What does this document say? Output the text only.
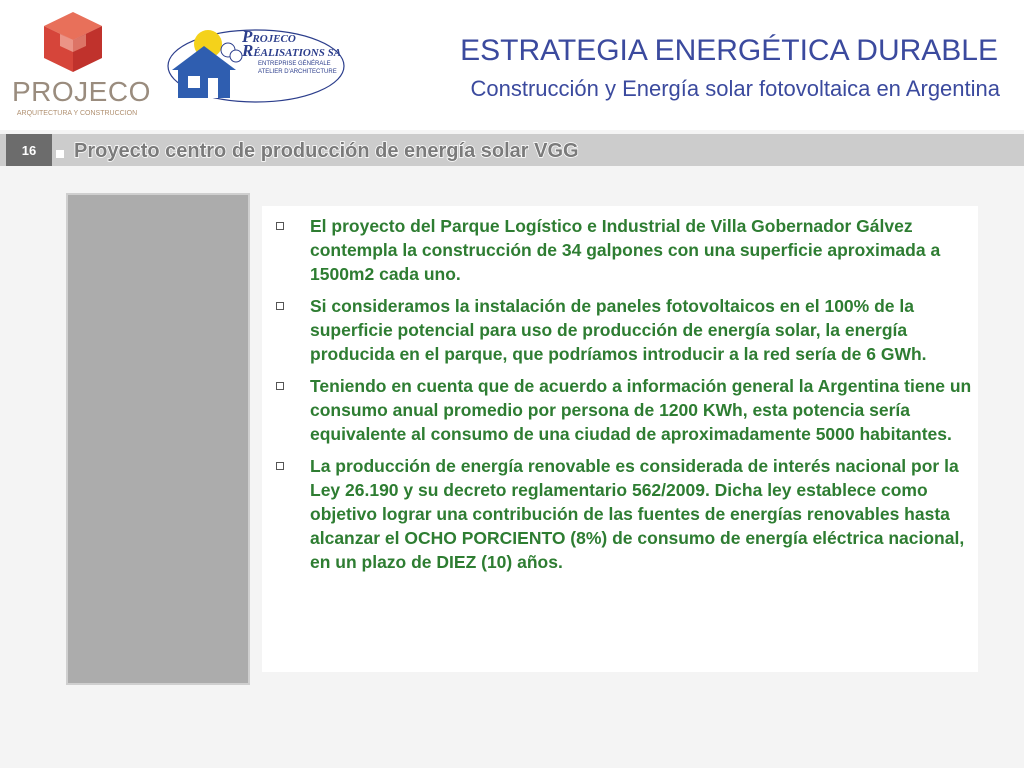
PROJECO
ARQUITECTURA Y CONSTRUCCION
PROJECO
RÉALISATIONS SA
ENTREPRISE GÉNÉRALE
ATELIER D'ARCHITECTURE
ESTRATEGIA ENERGÉTICA DURABLE
Construcción y Energía solar fotovoltaica en Argentina
16	Proyecto centro de producción de energía solar VGG
El proyecto del Parque Logístico e Industrial de Villa Gobernador Gálvez contempla la construcción de 34 galpones con una superficie aproximada a 1500m2 cada uno.
Si consideramos la instalación de paneles fotovoltaicos en el 100% de la superficie potencial para uso de producción de energía solar, la energía producida en el parque, que podríamos introducir a la red sería de 6 GWh.
Teniendo en cuenta que de acuerdo a información general la Argentina tiene un consumo anual promedio por persona de 1200 KWh, esta potencia sería equivalente al consumo de una ciudad de aproximadamente 5000 habitantes.
La producción de energía renovable es considerada de interés nacional por la Ley 26.190 y su decreto reglamentario 562/2009. Dicha ley establece como objetivo lograr una contribución de las fuentes de energías renovables hasta alcanzar el OCHO PORCIENTO (8%) de consumo de energía eléctrica nacional, en un plazo de DIEZ (10) años.
